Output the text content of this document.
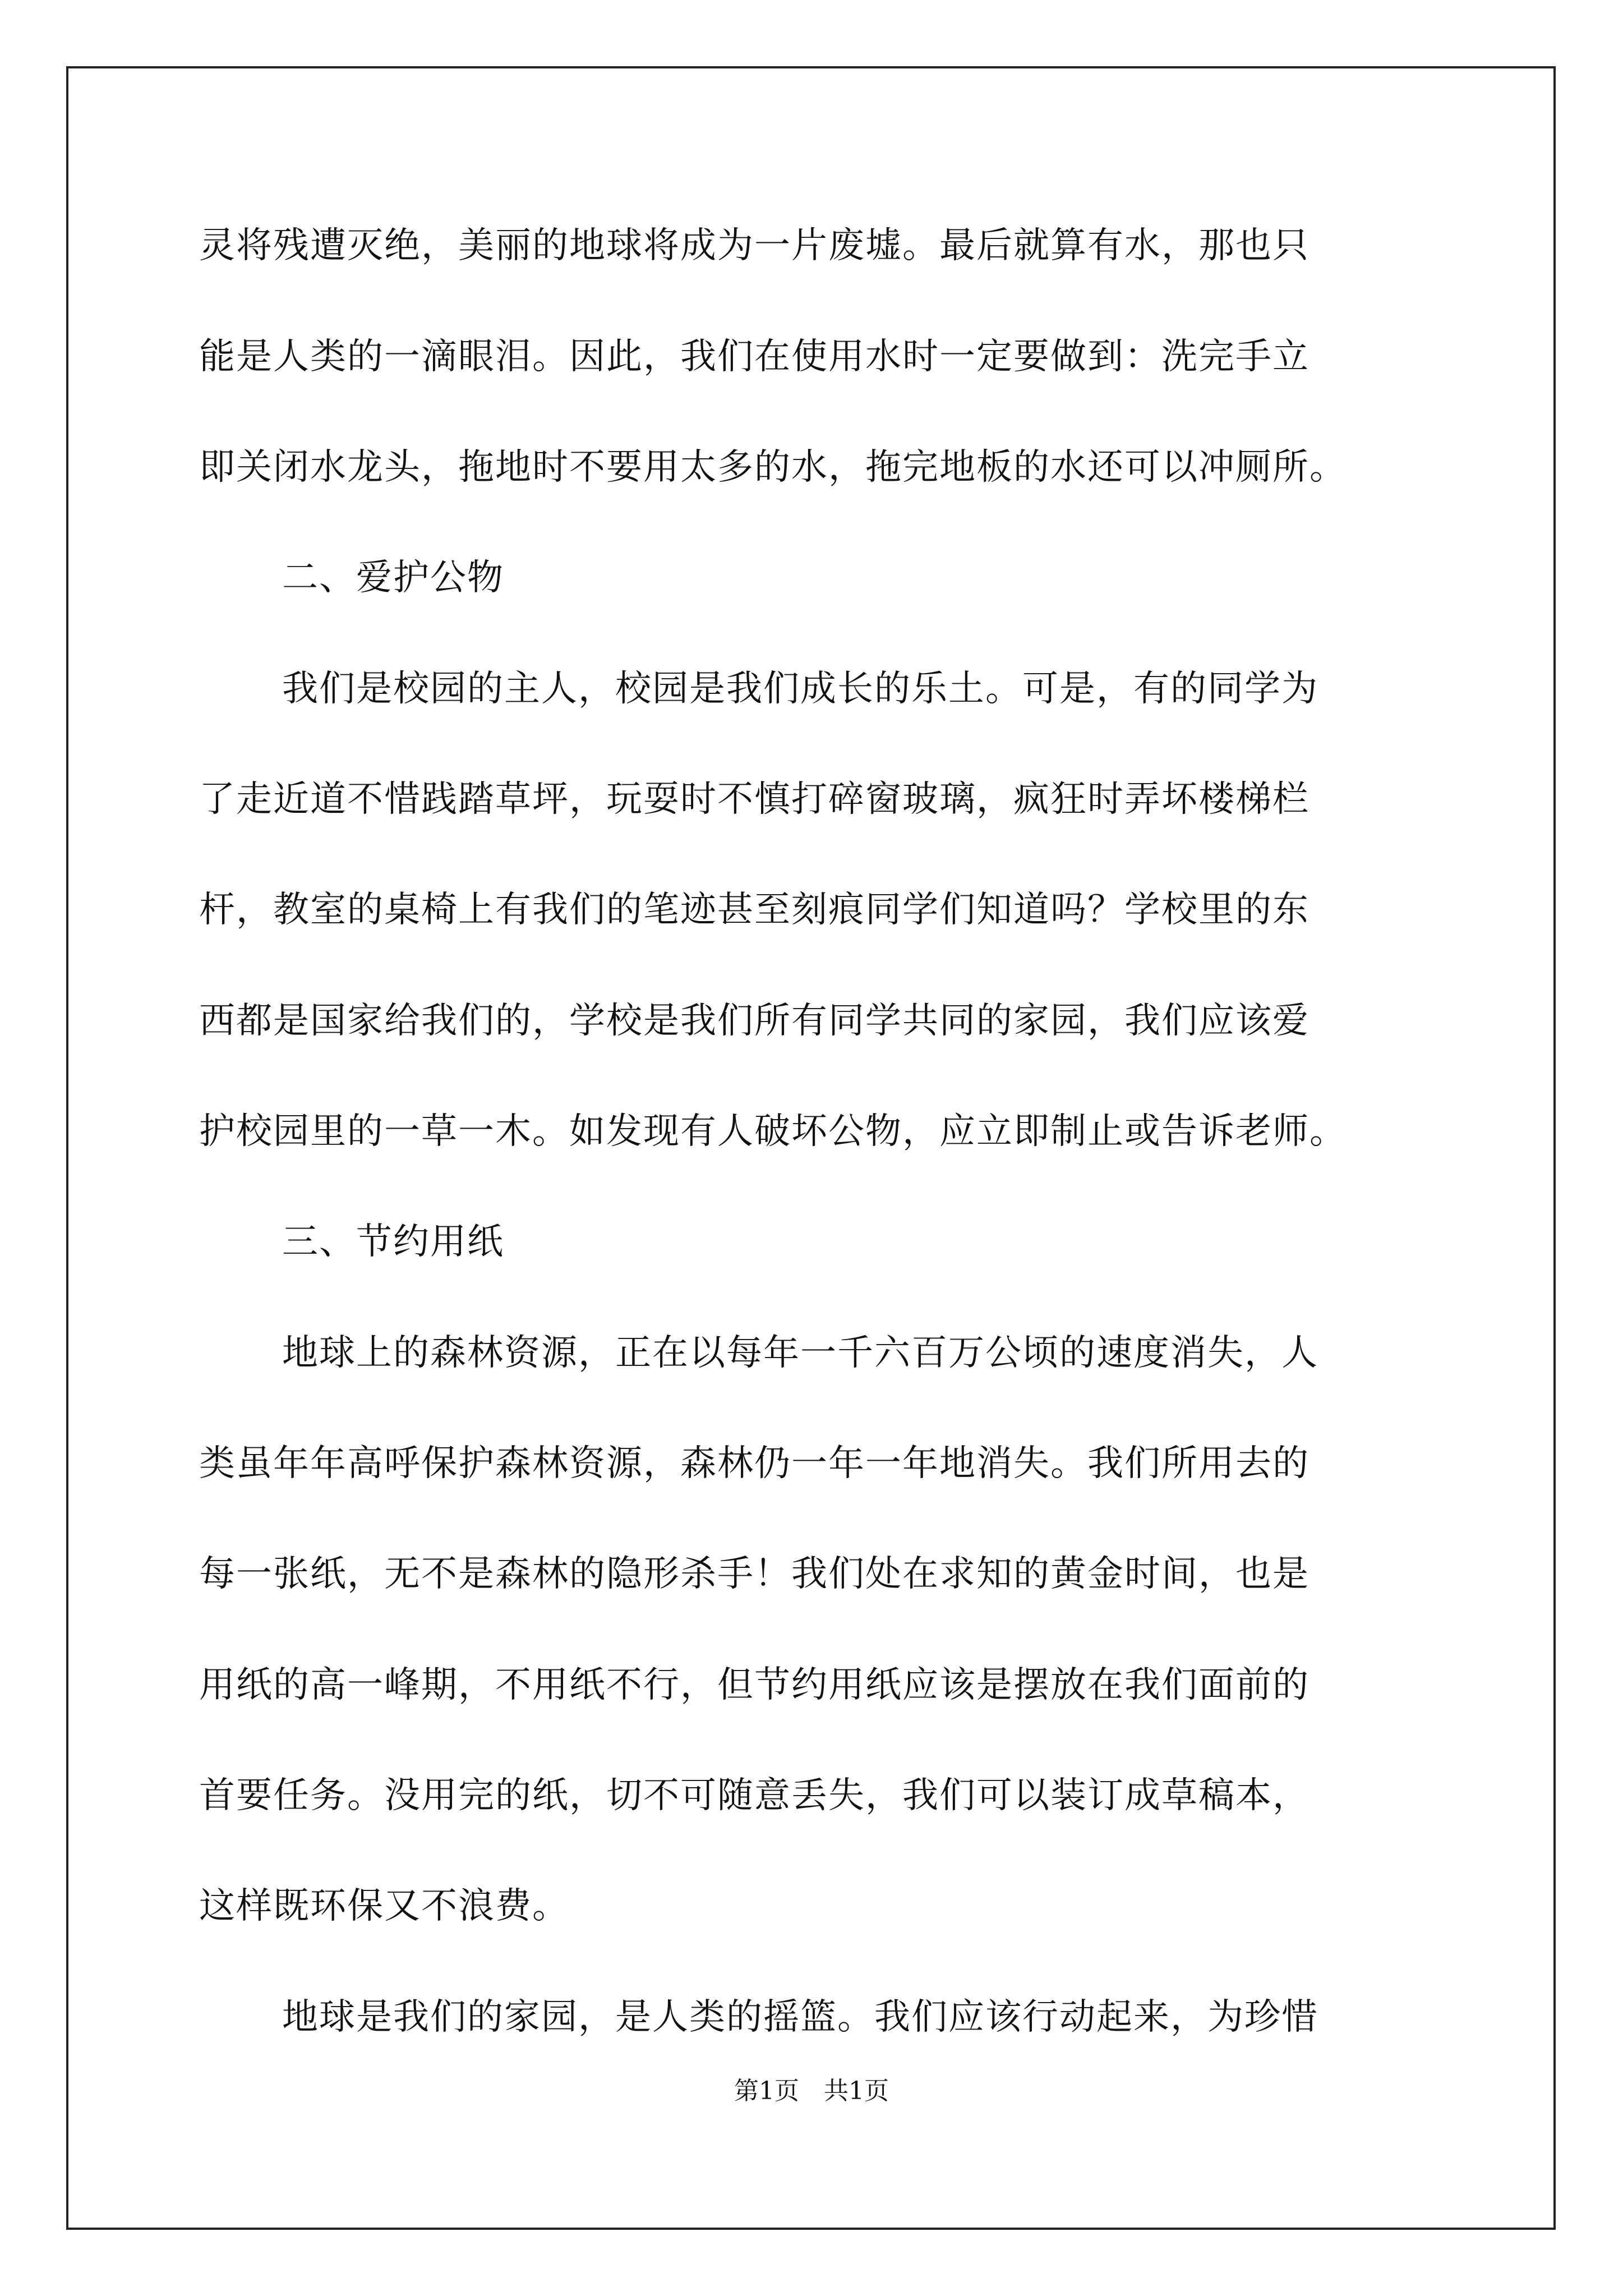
灵将残遭灭绝，美丽的地球将成为一片废墟。最后就算有水，那也只
能是人类的一滴眼泪。因此，我们在使用水时一定要做到：洗完手立
即关闭水龙头，拖地时不要用太多的水，拖完地板的水还可以冲厕所。
二、爱护公物
我们是校园的主人，校园是我们成长的乐土。可是，有的同学为
了走近道不惜践踏草坪，玩耍时不慎打碎窗玻璃，疯狂时弄坏楼梯栏
杆，教室的桌椅上有我们的笔迹甚至刻痕同学们知道吗？学校里的东
西都是国家给我们的，学校是我们所有同学共同的家园，我们应该爱
护校园里的一草一木。如发现有人破坏公物，应立即制止或告诉老师。
三、节约用纸
地球上的森林资源，正在以每年一千六百万公顷的速度消失，人
类虽年年高呼保护森林资源，森林仍一年一年地消失。我们所用去的
每一张纸，无不是森林的隐形杀手！我们处在求知的黄金时间，也是
用纸的高一峰期，不用纸不行，但节约用纸应该是摆放在我们面前的
首要任务。没用完的纸，切不可随意丢失，我们可以装订成草稿本，
这样既环保又不浪费。
地球是我们的家园，是人类的摇篮。我们应该行动起来，为珍惜
第1页 共1页
